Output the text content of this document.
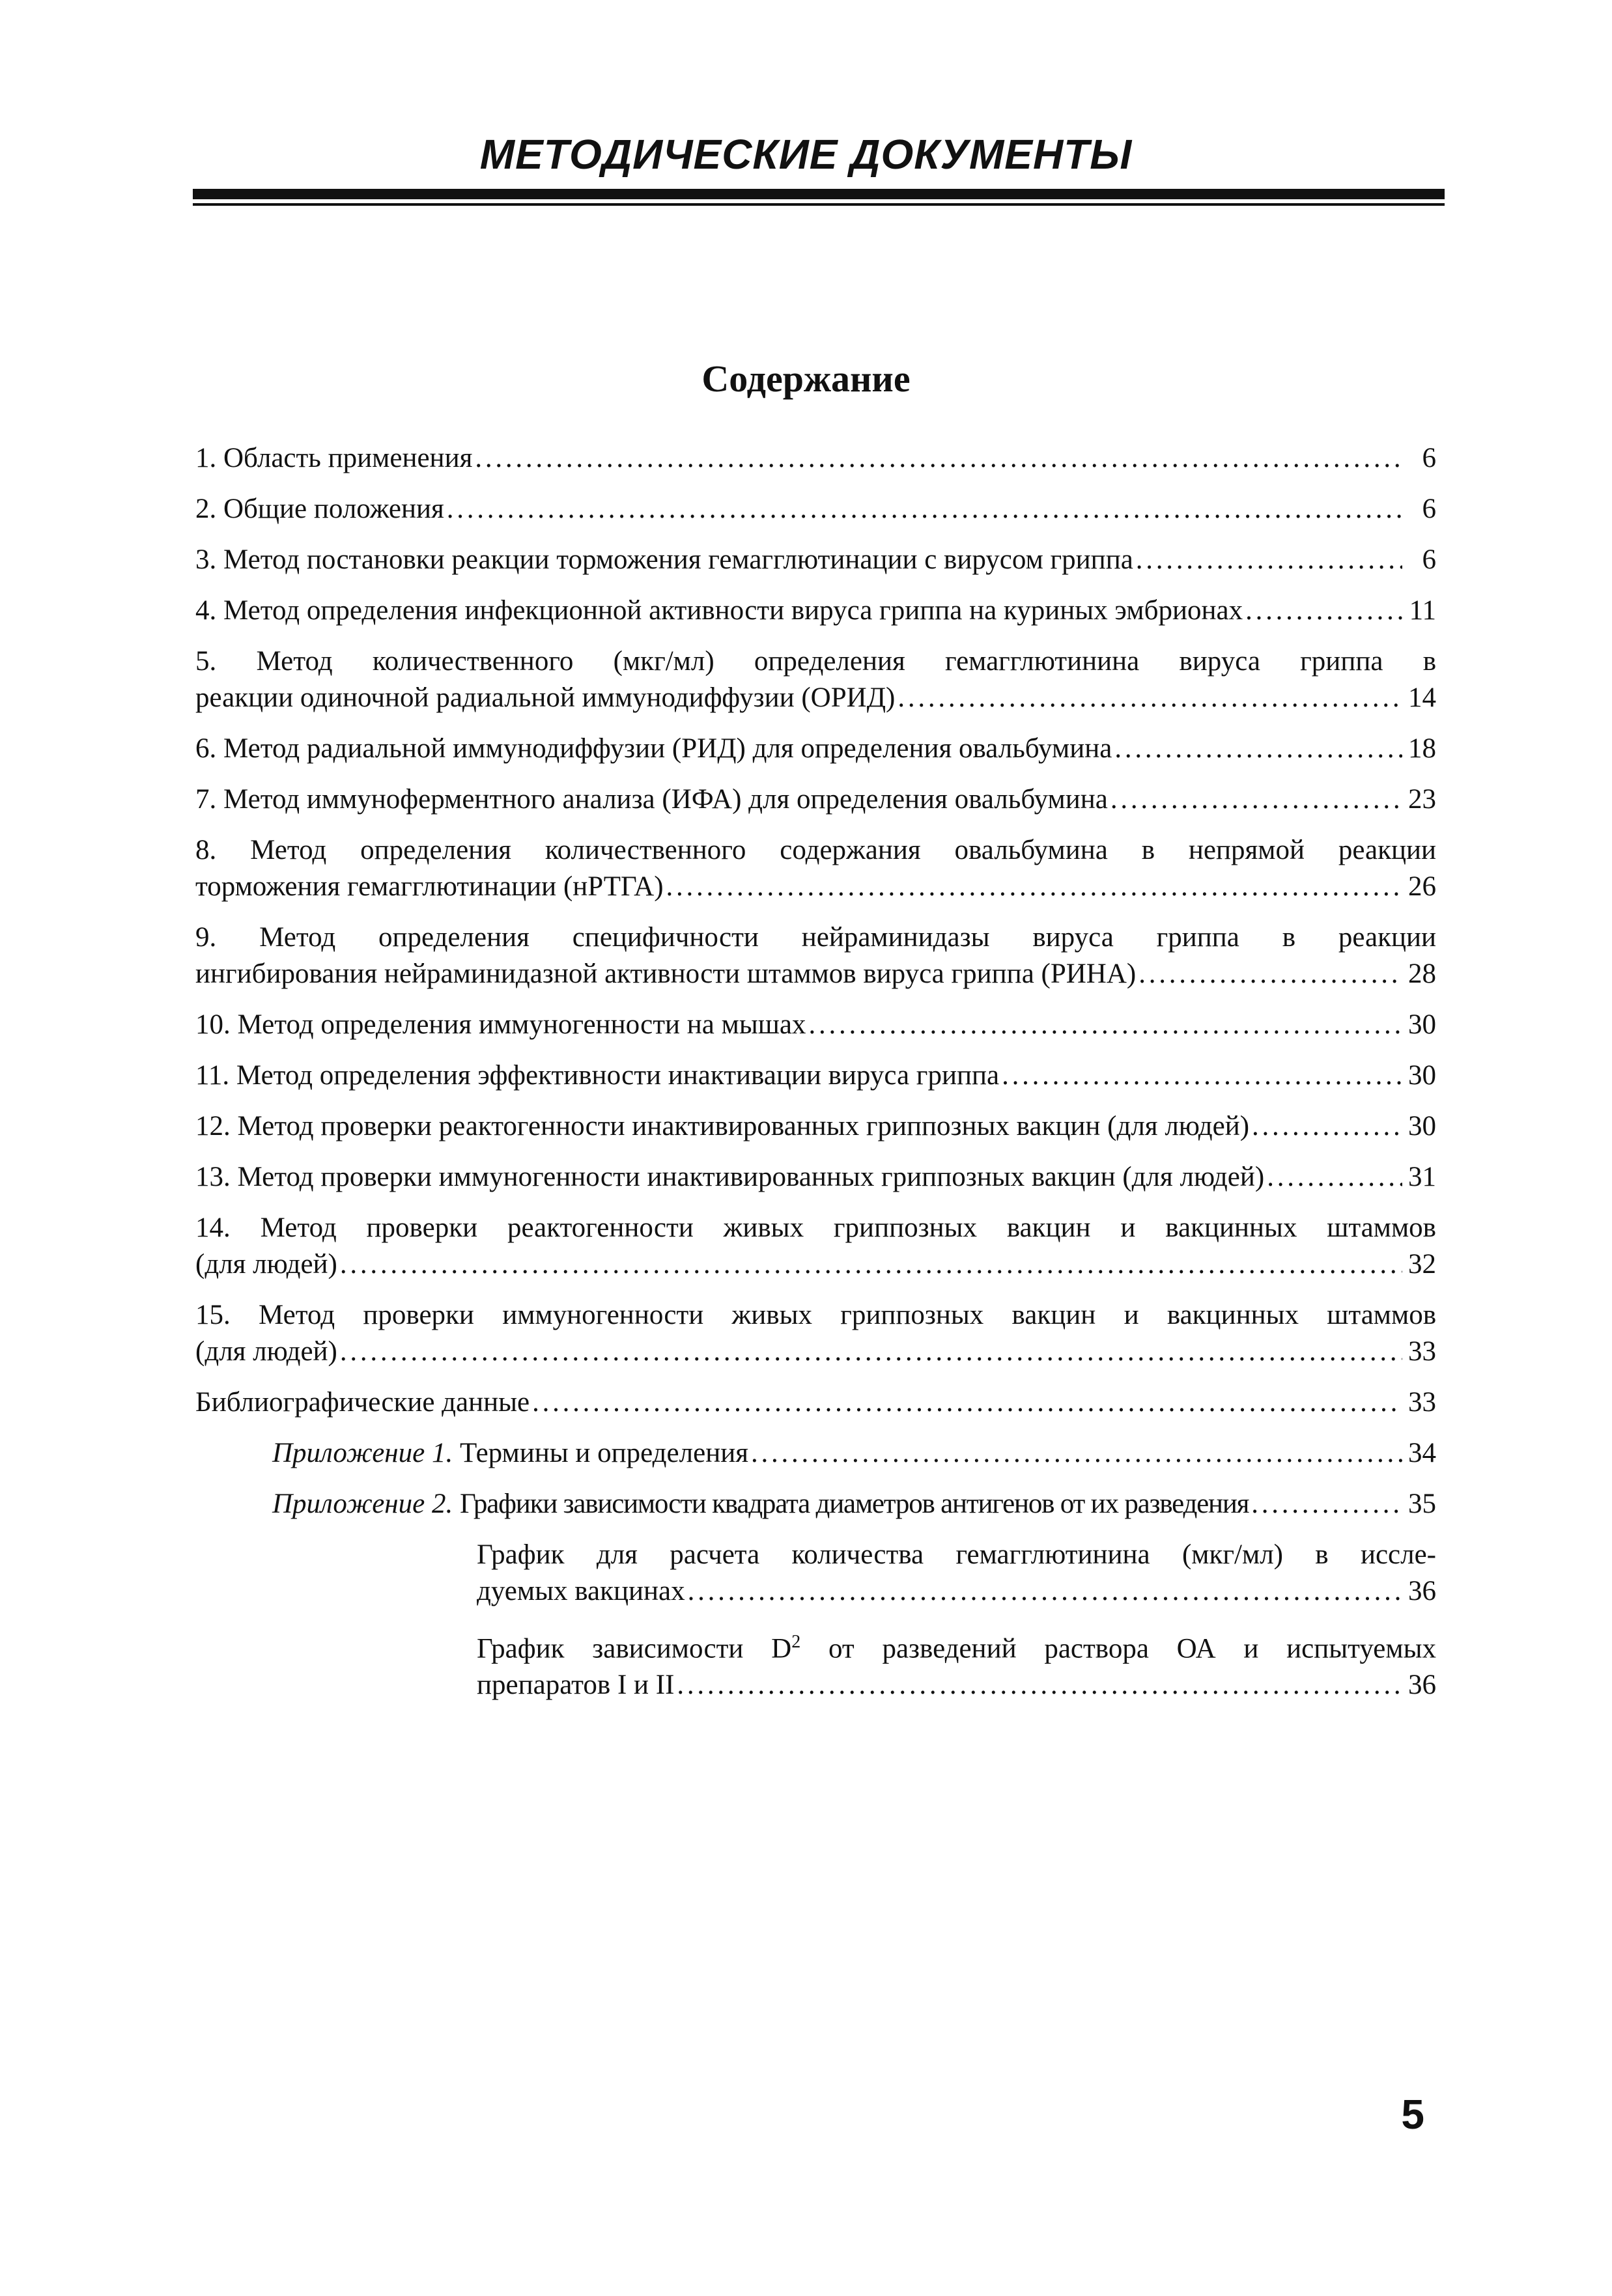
МЕТОДИЧЕСКИЕ ДОКУМЕНТЫ
Содержание
1. Область применения . . .	6
2. Общие положения . . .	6
3. Метод постановки реакции торможения гемагглютинации с вирусом гриппа . . .	6
4. Метод определения инфекционной активности вируса гриппа на куриных эмбрионах . . .	11
5. Метод количественного (мкг/мл) определения гемагглютинина вируса гриппа в
реакции одиночной радиальной иммунодиффузии (ОРИД) . . .	14
6. Метод радиальной иммунодиффузии (РИД) для определения овальбумина . . .	18
7. Метод иммуноферментного анализа (ИФА) для определения овальбумина . . .	23
8. Метод определения количественного содержания овальбумина в непрямой реакции
торможения гемагглютинации (нРТГА) . . .	26
9. Метод определения специфичности нейраминидазы вируса гриппа в реакции
ингибирования нейраминидазной активности штаммов вируса гриппа (РИНА) . . .	28
10. Метод определения иммуногенности на мышах . . .	30
11. Метод определения эффективности инактивации вируса гриппа . . .	30
12. Метод проверки реактогенности инактивированных гриппозных вакцин (для людей) . . .	30
13. Метод проверки иммуногенности инактивированных гриппозных вакцин (для людей) . . .	31
14. Метод проверки реактогенности живых гриппозных вакцин и вакцинных штаммов
(для людей) . . .	32
15. Метод проверки иммуногенности живых гриппозных вакцин и вакцинных штаммов
(для людей) . . .	33
Библиографические данные . . .	33
Приложение 1. Термины и определения . . .	34
Приложение 2. Графики зависимости квадрата диаметров антигенов от их разведения . . .	35
График для расчета количества гемагглютинина (мкг/мл) в иссле-
дуемых вакцинах . . .	36
График зависимости $D^2$ от разведений раствора ОА и испытуемых
препаратов I и II . . .	36
5
